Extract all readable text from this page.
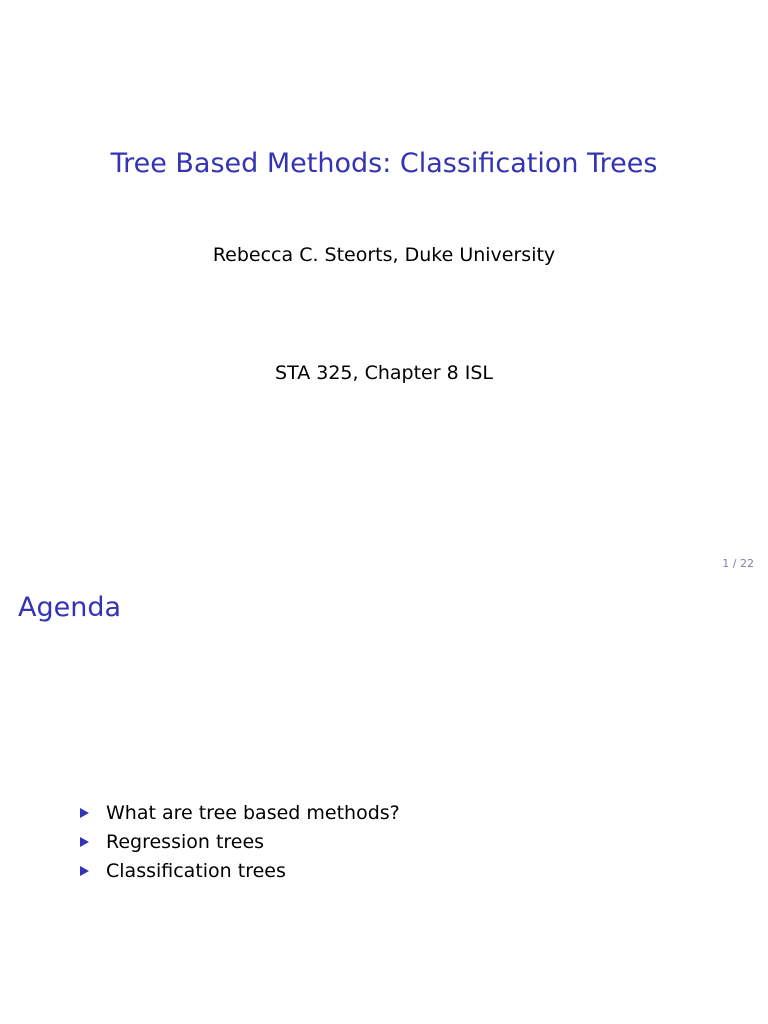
Tree Based Methods: Classification Trees
Rebecca C. Steorts, Duke University
STA 325, Chapter 8 ISL
1 / 22
Agenda
What are tree based methods?
Regression trees
Classification trees
